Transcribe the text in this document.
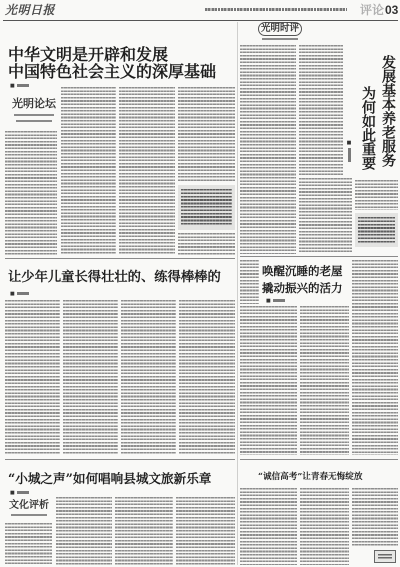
光明日报	评论 03
中华文明是开辟和发展
中国特色社会主义的深厚基础
■
光明论坛
让少年儿童长得壮壮的、练得棒棒的
■
“小城之声”如何唱响县城文旅新乐章
■
文化评析
光明时评
发展基本养老服务
为何如此重要
■
唤醒沉睡的老屋
撬动振兴的活力
■
“诚信高考”让青春无悔绽放
